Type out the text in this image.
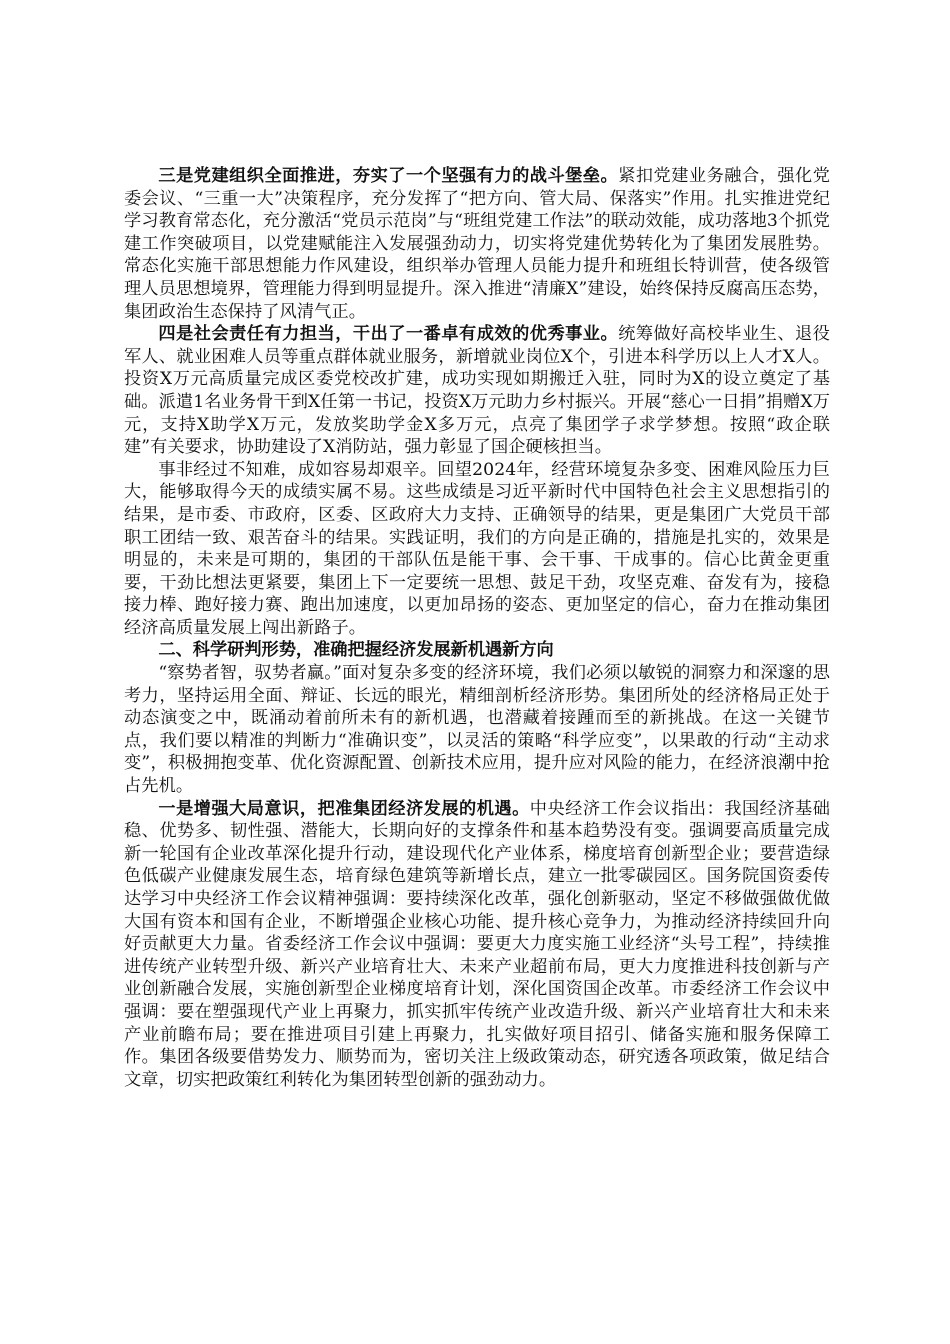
三是党建组织全面推进，夯实了一个坚强有力的战斗堡垒。紧扣党建业务融合，强化党委会议、“三重一大”决策程序，充分发挥了“把方向、管大局、保落实”作用。扎实推进党纪学习教育常态化，充分激活“党员示范岗”与“班组党建工作法”的联动效能，成功落地3个抓党建工作突破项目，以党建赋能注入发展强劲动力，切实将党建优势转化为了集团发展胜势。常态化实施干部思想能力作风建设，组织举办管理人员能力提升和班组长特训营，使各级管理人员思想境界，管理能力得到明显提升。深入推进“清廉X”建设，始终保持反腐高压态势，集团政治生态保持了风清气正。

四是社会责任有力担当，干出了一番卓有成效的优秀事业。统筹做好高校毕业生、退役军人、就业困难人员等重点群体就业服务，新增就业岗位X个，引进本科学历以上人才X人。投资X万元高质量完成区委党校改扩建，成功实现如期搬迁入驻，同时为X的设立奠定了基础。派遣1名业务骨干到X任第一书记，投资X万元助力乡村振兴。开展“慈心一日捐”捐赠X万元，支持X助学X万元，发放奖助学金X多万元，点亮了集团学子求学梦想。按照“政企联建”有关要求，协助建设了X消防站，强力彰显了国企硬核担当。

事非经过不知难，成如容易却艰辛。回望2024年，经营环境复杂多变、困难风险压力巨大，能够取得今天的成绩实属不易。这些成绩是习近平新时代中国特色社会主义思想指引的结果，是市委、市政府，区委、区政府大力支持、正确领导的结果，更是集团广大党员干部职工团结一致、艰苦奋斗的结果。实践证明，我们的方向是正确的，措施是扎实的，效果是明显的，未来是可期的，集团的干部队伍是能干事、会干事、干成事的。信心比黄金更重要，干劲比想法更紧要，集团上下一定要统一思想、鼓足干劲，攻坚克难、奋发有为，接稳接力棒、跑好接力赛、跑出加速度，以更加昂扬的姿态、更加坚定的信心，奋力在推动集团经济高质量发展上闯出新路子。

二、科学研判形势，准确把握经济发展新机遇新方向

“察势者智，驭势者赢。”面对复杂多变的经济环境，我们必须以敏锐的洞察力和深邃的思考力，坚持运用全面、辩证、长远的眼光，精细剖析经济形势。集团所处的经济格局正处于动态演变之中，既涌动着前所未有的新机遇，也潜藏着接踵而至的新挑战。在这一关键节点，我们要以精准的判断力“准确识变”，以灵活的策略“科学应变”，以果敢的行动“主动求变”，积极拥抱变革、优化资源配置、创新技术应用，提升应对风险的能力，在经济浪潮中抢占先机。

一是增强大局意识，把准集团经济发展的机遇。中央经济工作会议指出：我国经济基础稳、优势多、韧性强、潜能大，长期向好的支撑条件和基本趋势没有变。强调要高质量完成新一轮国有企业改革深化提升行动，建设现代化产业体系，梯度培育创新型企业；要营造绿色低碳产业健康发展生态，培育绿色建筑等新增长点，建立一批零碳园区。国务院国资委传达学习中央经济工作会议精神强调：要持续深化改革，强化创新驱动，坚定不移做强做优做大国有资本和国有企业，不断增强企业核心功能、提升核心竞争力，为推动经济持续回升向好贡献更大力量。省委经济工作会议中强调：要更大力度实施工业经济“头号工程”，持续推进传统产业转型升级、新兴产业培育壮大、未来产业超前布局，更大力度推进科技创新与产业创新融合发展，实施创新型企业梯度培育计划，深化国资国企改革。市委经济工作会议中强调：要在塑强现代产业上再聚力，抓实抓牢传统产业改造升级、新兴产业培育壮大和未来产业前瞻布局；要在推进项目引建上再聚力，扎实做好项目招引、储备实施和服务保障工作。集团各级要借势发力、顺势而为，密切关注上级政策动态，研究透各项政策，做足结合文章，切实把政策红利转化为集团转型创新的强劲动力。
